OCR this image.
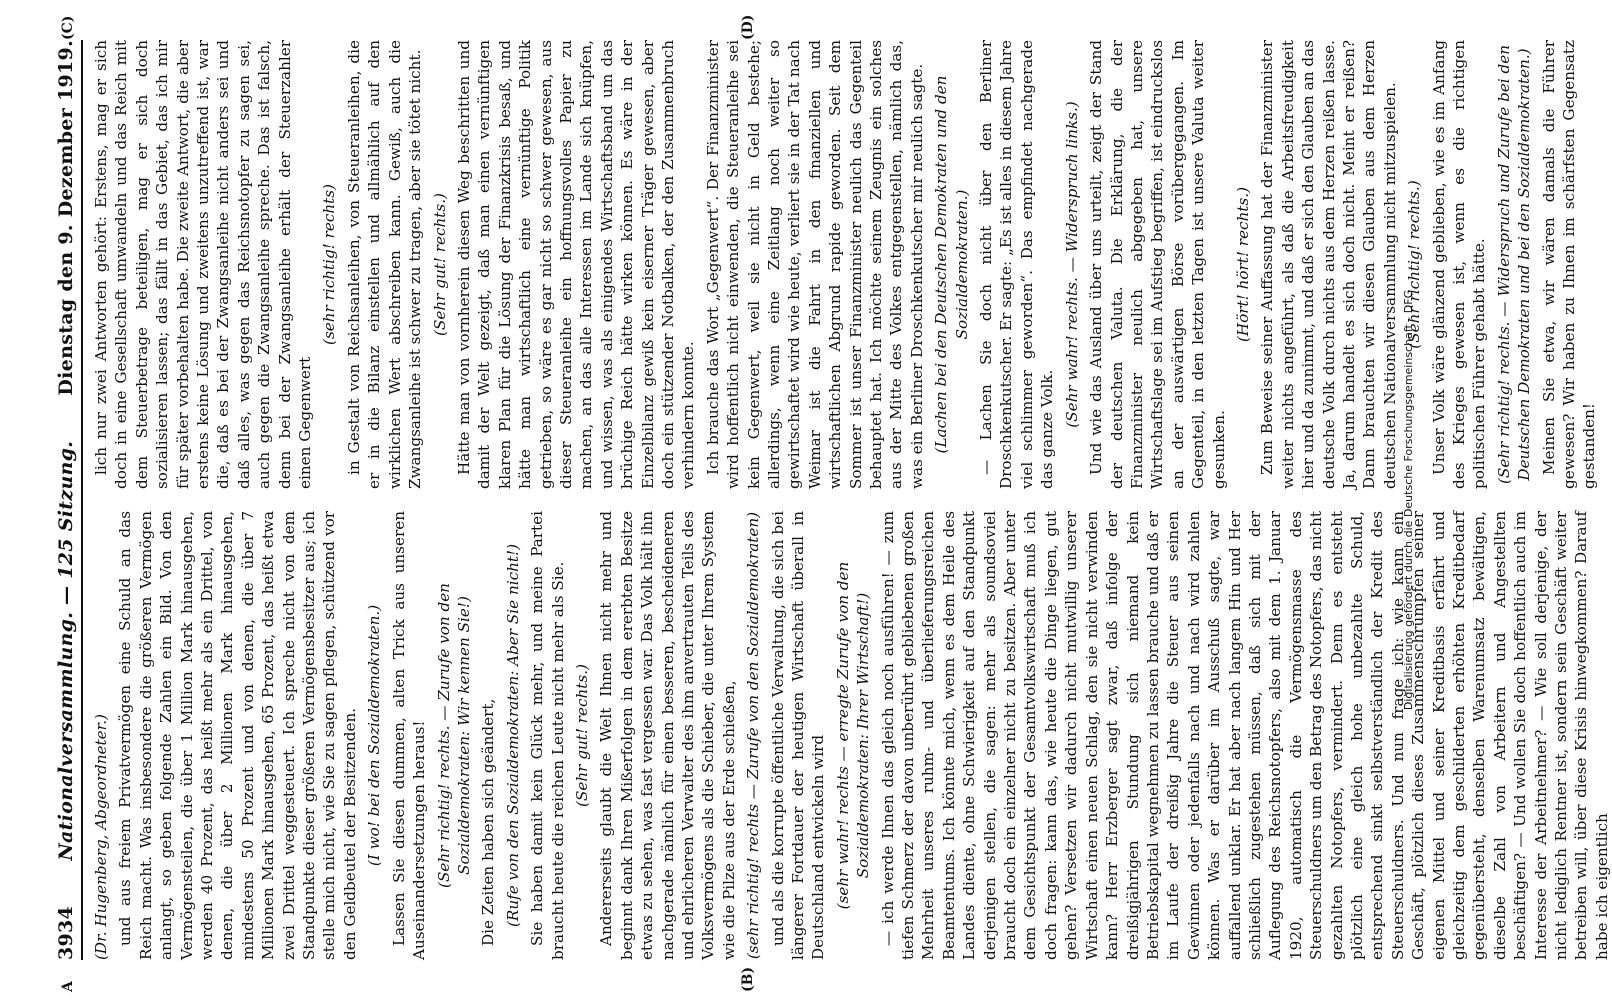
3934
Nationalversammlung. — 125 Sitzung.
Dienstag den 9. Dezember 1919.

(Dr. Hugenberg, Abgeordneter.) und aus freiem Privatvermögen eine Schuld an das Reich macht. Was insbesondere die größeren Vermögen anlangt, so geben folgende Zahlen ein Bild. Von den Vermögensteilen, die über 1 Million Mark hinausgehen, werden 40 Prozent, das heißt mehr als ein Drittel, von denen, die über 2 Millionen Mark hinausgehen, mindestens 50 Prozent und von denen, die über 7 Millionen Mark hinausgehen, 65 Prozent, das heißt etwa zwei Drittel weggesteuert. Ich spreche nicht von dem Standpunkte dieser größeren Vermögensbesitzer aus; ich stelle mich nicht, wie Sie zu sagen pflegen, schützend vor den Geldbeutel der Besitzenden. (I wo! bei den Sozialdemokraten.) Lassen Sie diesen dummen, alten Trick aus unseren Auseinandersetzungen heraus! (Sehr richtig! rechts. — Zurufe von den Sozialdemokraten: Wir kennen Sie!) Die Zeiten haben sich geändert, (Rufe von den Sozialdemokraten: Aber Sie nicht!) Sie haben damit kein Glück mehr, und meine Partei braucht heute die reichen Leute nicht mehr als Sie. (Sehr gut! rechts.) Andererseits glaubt die Welt Ihnen nicht mehr und beginnt dank Ihren Mißerfolgen in dem ererbten Besitze etwas zu sehen, was fast vergessen war. Das Volk hält ihn nachgerade nämlich für einen besseren, bescheideneren und ehrlicheren Verwalter des ihm anvertrauten Teils des Volksvermögens als die Schieber, die unter Ihrem System wie die Pilze aus der Erde schießen, (sehr richtig! rechts — Zurufe von den Sozialdemokraten) und als die korrupte öffentliche Verwaltung, die sich bei längerer Fortdauer der heutigen Wirtschaft überall in Deutschland entwickeln wird (sehr wahr! rechts — erregte Zurufe von den Sozialdemokraten: Ihrer Wirtschaft!) — ich werde Ihnen das gleich noch ausführen! — zum tiefen Schmerz der davon unberührt gebliebenen großen Mehrheit unseres ruhm- und überlieferungsreichen Beamtentums. Ich könnte mich, wenn es dem Heile des Landes diente, ohne Schwierigkeit auf den Standpunkt derjenigen stellen, die sagen: mehr als soundsoviel braucht doch ein einzelner nicht zu besitzen. Aber unter dem Gesichtspunkt der Gesamtvolkswirtschaft muß ich doch fragen: kann das, wie heute die Dinge liegen, gut gehen? Versetzen wir dadurch nicht mutwillig unserer Wirtschaft einen neuen Schlag, den sie nicht verwinden kann? Herr Erzberger sagt zwar, daß infolge der dreißigjährigen Stundung sich niemand kein Betriebskapital wegnehmen zu lassen brauche und daß er im Laufe der dreißig Jahre die Steuer aus seinen Gewinnen oder jedenfalls nach und nach wird zahlen können. Was er darüber im Ausschuß sagte, war auffallend unklar. Er hat aber nach langem Hin und Her schließlich zugestehen müssen, daß sich mit der Auflegung des Reichsnotopfers, also mit dem 1. Januar 1920, automatisch die Vermögensmasse des Steuerschuldners um den Betrag des Notopfers, das nicht gezahlten Notopfers, vermindert. Denn es entsteht plötzlich eine gleich hohe unbezahlte Schuld, entsprechend sinkt selbstverständlich der Kredit des Steuerschuldners. Und nun frage ich: wie kann ein Geschäft, plötzlich dieses Zusammenschrumpfen seiner eigenen Mittel und seiner Kreditbasis erfährt und gleichzeitig dem geschilderten erhöhten Kreditbedarf gegenübersteht, denselben Warenumsatz bewältigen, dieselbe Zahl von Arbeitern und Angestellten beschäftigen? — Und wollen Sie doch hoffentlich auch im Interesse der Arbeitnehmer? — Wie soll derjenige, der nicht lediglich Rentner ist, sondern sein Geschäft weiter betreiben will, über diese Krisis hinwegkommen? Darauf habe ich eigentlich

lich nur zwei Antworten gehört: Erstens, mag er sich doch in eine Gesellschaft umwandeln und das Reich mit dem Steuerbetrage beteiligen, mag er sich doch sozialisieren lassen; das fällt in das Gebiet, das ich mir für später vorbehalten habe. Die zweite Antwort, die aber erstens keine Lösung und zweitens unzutreffend ist, war die, daß es bei der Zwangsanleihe nicht anders sei und daß alles, was gegen das Reichsnotopfer zu sagen sei, auch gegen die Zwangsanleihe spreche. Das ist falsch, denn bei der Zwangsanleihe erhält der Steuerzahler einen Gegenwert

(sehr richtig! rechts) in Gestalt von Reichsanleihen, von Steueranleihen, die er in die Bilanz einstellen und allmählich auf den wirklichen Wert abschreiben kann. Gewiß, auch die Zwangsanleihe ist schwer zu tragen, aber sie tötet nicht. (Sehr gut! rechts.) Hätte man von vornherein diesen Weg beschritten und damit der Welt gezeigt, daß man einen vernünftigen klaren Plan für die Lösung der Finanzkrisis besaß, und hätte man wirtschaftlich eine vernünftige Politik getrieben, so wäre es gar nicht so schwer gewesen, aus dieser Steueranleihe ein hoffnungsvolles Papier zu machen, an das alle Interessen im Lande sich knüpfen, und wissen, was als einigendes Wirtschaftsband um das brüchige Reich hätte wirken können. Es wäre in der Einzelbilanz gewiß kein eiserner Träger gewesen, aber doch ein stützender Notbalken, der den Zusammenbruch verhindern konnte. Ich brauche das Wort „Gegenwert“. Der Finanzminister wird hoffentlich nicht einwenden, die Steueranleihe sei kein Gegenwert, weil sie nicht in Geld bestehe; allerdings, wenn eine Zeitlang noch weiter so gewirtschaftet wird wie heute, verliert sie in der Tat nach Weimar ist die Fahrt in den finanziellen und wirtschaftlichen Abgrund rapide geworden. Seit dem Sommer ist unser Finanzminister neulich das Gegenteil behauptet hat. Ich möchte seinem Zeugnis ein solches aus der Mitte des Volkes entgegenstellen, nämlich das, was ein Berliner Droschkenkutscher mir neulich sagte. (Lachen bei den Deutschen Demokraten und den Sozialdemokraten.) — Lachen Sie doch nicht über den Berliner Droschkenkutscher. Er sagte: „Es ist alles in diesem Jahre viel schlimmer geworden“. Das empfindet nachgerade das ganze Volk.

(Sehr wahr! rechts. — Widerspruch links.) Und wie das Ausland über uns urteilt, zeigt der Stand der deutschen Valuta. Die Erklärung, die der Finanzminister neulich abgegeben hat, unsere Wirtschaftslage sei im Aufstieg begriffen, ist eindruckslos an der auswärtigen Börse vorübergegangen. Im Gegenteil, in den letzten Tagen ist unsere Valuta weiter gesunken.

(Hört! hört! rechts.) Zum Beweise seiner Auffassung hat der Finanzminister weiter nichts angeführt, als daß die Arbeitsfreudigkeit hier und da zunimmt, und daß er sich den Glauben an das deutsche Volk durch nichts aus dem Herzen reißen lasse. Ja, darum handelt es sich doch nicht. Meint er reißen? Dann brauchten wir diesen Glauben aus dem Herzen deutschen Nationalversammlung nicht mitzuspielen. (Sehr richtig! rechts.) Unser Volk wäre glänzend geblieben, wie es im Anfang des Krieges gewesen ist, wenn es die richtigen politischen Führer gehabt hätte. (Sehr richtig! rechts. — Widerspruch und Zurufe bei den Deutschen Demokraten und bei den Sozialdemokraten.) Meinen Sie etwa, wir wären damals die Führer gewesen? Wir haben zu Ihnen im schärfsten Gegensatz gestanden!

A	(B)
(C)	(D)
Digitalisierung gefördert durch die Deutsche Forschungsgemeinschaft - DFG
